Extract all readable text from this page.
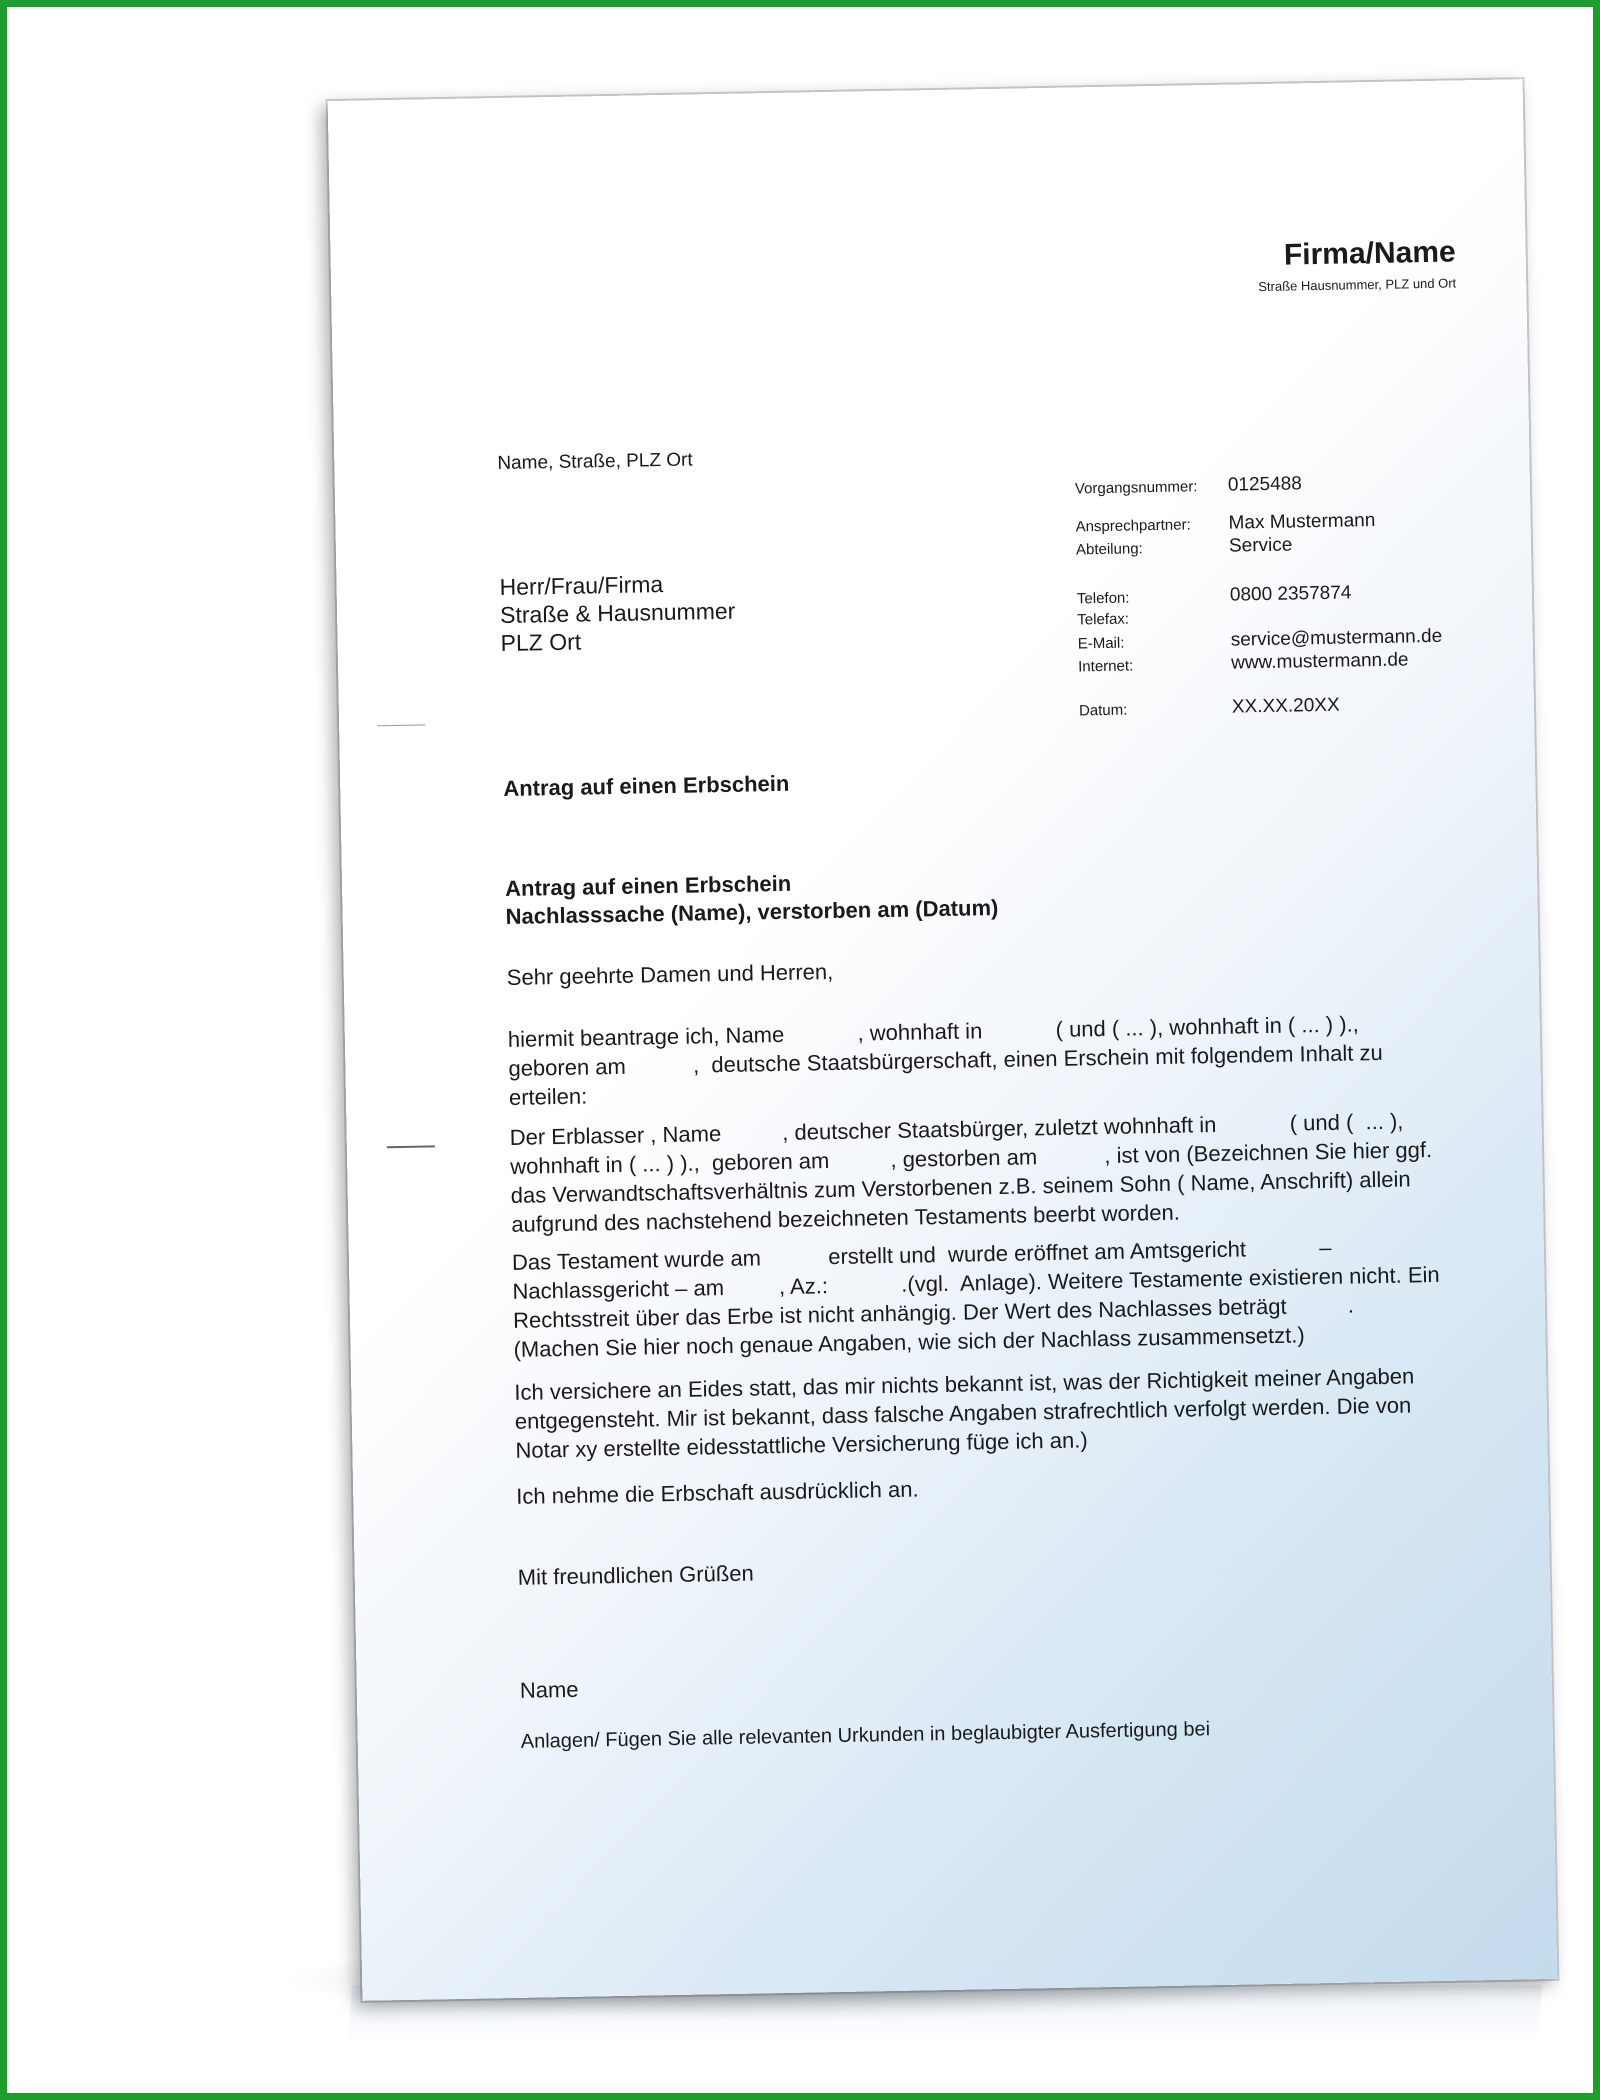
Firma/Name
Straße Hausnummer, PLZ und Ort
Name, Straße, PLZ Ort
Herr/Frau/Firma
Straße & Hausnummer
PLZ Ort
Vorgangsnummer: 0125488
Ansprechpartner: Max Mustermann
Abteilung:	Service
Telefon:	0800 2357874
Telefax:
E-Mail:	service@mustermann.de
Internet:	www.mustermann.de
Datum:	XX.XX.20XX
Antrag auf einen Erbschein
Antrag auf einen Erbschein
Nachlasssache (Name), verstorben am (Datum)
Sehr geehrte Damen und Herren,
hiermit beantrage ich, Name            , wohnhaft in            ( und ( ... ), wohnhaft in ( ... ) )., geboren am           ,  deutsche Staatsbürgerschaft, einen Erschein mit folgendem Inhalt zu erteilen:
Der Erblasser , Name          , deutscher Staatsbürger, zuletzt wohnhaft in            ( und (  ... ), wohnhaft in ( ... ) ).,  geboren am          , gestorben am           , ist von (Bezeichnen Sie hier ggf. das Verwandtschaftsverhältnis zum Verstorbenen z.B. seinem Sohn ( Name, Anschrift) allein aufgrund des nachstehend bezeichneten Testaments beerbt worden.
Das Testament wurde am           erstellt und  wurde eröffnet am Amtsgericht            – Nachlassgericht – am         , Az.:            .(vgl.  Anlage). Weitere Testamente existieren nicht. Ein Rechtsstreit über das Erbe ist nicht anhängig. Der Wert des Nachlasses beträgt          . (Machen Sie hier noch genaue Angaben, wie sich der Nachlass zusammensetzt.)
Ich versichere an Eides statt, das mir nichts bekannt ist, was der Richtigkeit meiner Angaben entgegensteht. Mir ist bekannt, dass falsche Angaben strafrechtlich verfolgt werden. Die von Notar xy erstellte eidesstattliche Versicherung füge ich an.)
Ich nehme die Erbschaft ausdrücklich an.
Mit freundlichen Grüßen
Name
Anlagen/ Fügen Sie alle relevanten Urkunden in beglaubigter Ausfertigung bei
